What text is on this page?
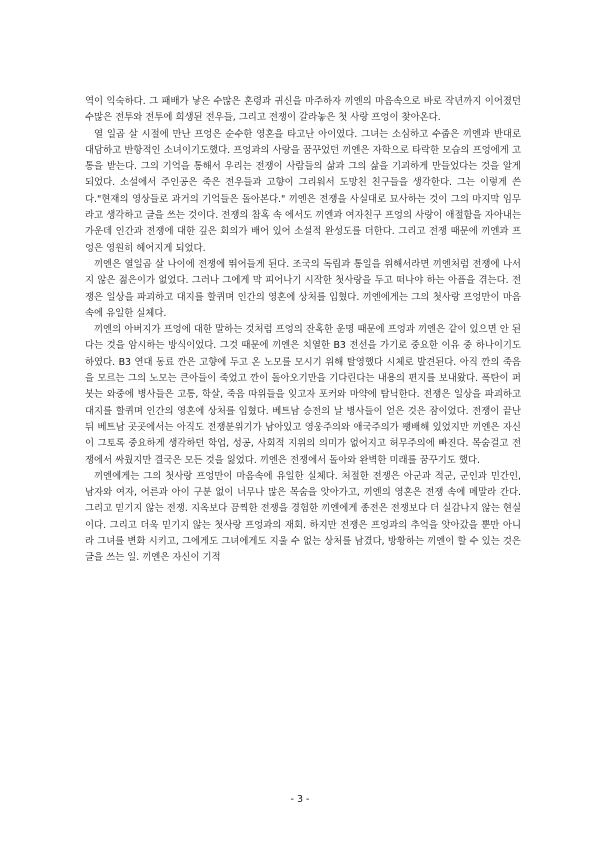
역이 익숙하다. 그 패배가 낳은 수많은 혼령과 귀신을 마주하자 끼엔의 마음속으로 바로 작년까지 이어졌던 수많은 전투와 전투에 희생된 전우들, 그리고 전쟁이 갈라놓은 첫 사랑 프엉이 찾아온다.

열 일곱 살 시절에 만난 프엉은 순수한 영혼을 타고난 아이였다. 그녀는 소심하고 수줍은 끼엔과 반대로 대담하고 반항적인 소녀이기도했다. 프엉과의 사랑을 꿈꾸었던 끼엔은 자학으로 타락한 모습의 프엉에게 고통을 받는다. 그의 기억을 통해서 우리는 전쟁이 사람들의 삶과 그의 삶을 기괴하게 만들었다는 것을 알게 되었다. 소설에서 주인공은 죽은 전우들과 고향이 그리워서 도망친 친구들을 생각한다. 그는 이렇게 쓴다."현재의 영상들로 과거의 기억들은 돌아본다." 끼엔은 전쟁을 사실대로 묘사하는 것이 그의 마지막 임무라고 생각하고 글을 쓰는 것이다. 전쟁의 참혹 속 에서도 끼엔과 여자친구 프엉의 사랑이 애절함을 자아내는 가운데 인간과 전쟁에 대한 깊은 회의가 배어 있어 소설적 완성도를 더한다. 그리고 전쟁 때문에 끼엔과 프엉은 영원히 헤어지게 되었다.

끼엔은 열일곱 살 나이에 전쟁에 뛰어들게 된다. 조국의 독립과 통일을 위해서라면 끼엔처럼 전쟁에 나서지 않은 젊은이가 없었다. 그러나 그에게 막 피어나기 시작한 첫사랑을 두고 떠나야 하는 아픔을 겪는다. 전쟁은 일상을 파괴하고 대지를 할퀴며 인간의 영혼에 상처를 입혔다. 끼엔에게는 그의 첫사랑 프엉만이 마음속에 유일한 실체다.

끼엔의 아버지가 프엉에 대한 말하는 것처럼 프엉의 잔혹한 운명 때문에 프엉과 끼엔은 같이 있으면 안 된다는 것을 암시하는 방식이었다. 그것 때문에 끼엔은 치열한 B3 전선을 가기로 중요한 이유 중 하나이기도 하였다. B3 연대 동료 깐은 고향에 두고 온 노모를 모시기 위해 탈영했다 시체로 발견된다. 아직 깐의 죽음을 모르는 그의 노모는 큰아들이 죽었고 깐이 돌아오기만을 기다린다는 내용의 편지를 보내왔다. 폭탄이 퍼붓는 와중에 병사들은 고통, 학살, 죽음 따위들을 잊고자 포커와 마약에 탐닉한다. 전쟁은 일상을 파괴하고 대지를 할퀴며 인간의 영혼에 상처를 입혔다. 베트남 승전의 날 병사들이 얻은 것은 잠이었다. 전쟁이 끝난 뒤 베트남 곳곳에서는 아직도 전쟁분위기가 남아있고 영웅주의와 애국주의가 팽배해 있었지만 끼엔은 자신이 그토록 중요하게 생각하던 학업, 성공, 사회적 지위의 의미가 없어지고 허무주의에 빠진다. 목숨걸고 전쟁에서 싸웠지만 결국은 모든 것을 잃었다. 끼엔은 전쟁에서 돌아와 완벽한 미래를 꿈꾸기도 했다.

끼엔에게는 그의 첫사랑 프엉만이 마음속에 유일한 실체다. 처절한 전쟁은 아군과 적군, 군인과 민간인, 남자와 여자, 어른과 아이 구분 없이 너무나 많은 목숨을 앗아가고, 끼엔의 영혼은 전쟁 속에 메말라 간다. 그리고 믿기지 않는 전쟁. 지옥보다 끔찍한 전쟁을 경험한 끼엔에게 종전은 전쟁보다 더 실감나지 않는 현실이다. 그리고 더욱 믿기지 않는 첫사랑 프엉과의 재회. 하지만 전쟁은 프엉과의 추억을 앗아갔을 뿐만 아니라 그녀를 변화 시키고, 그에게도 그녀에게도 지울 수 없는 상처를 남겼다, 방황하는 끼엔이 할 수 있는 것은 글을 쓰는 일. 끼엔은 자신이 기적

- 3 -
